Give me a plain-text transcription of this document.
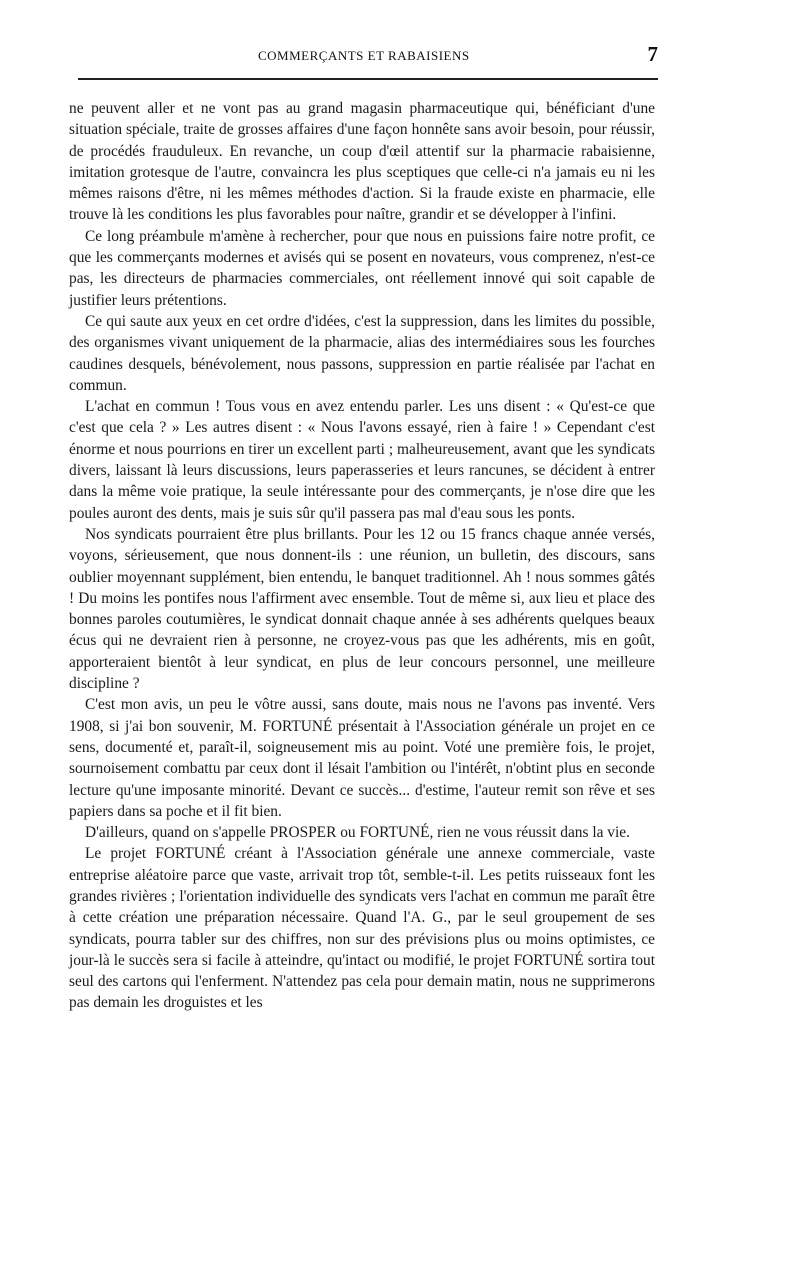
COMMERÇANTS ET RABAISIENS	7

ne peuvent aller et ne vont pas au grand magasin pharmaceutique qui, bénéficiant d'une situation spéciale, traite de grosses affaires d'une façon honnête sans avoir besoin, pour réussir, de procédés frauduleux. En revanche, un coup d'œil attentif sur la pharmacie rabaisienne, imitation grotesque de l'autre, convaincra les plus sceptiques que celle-ci n'a jamais eu ni les mêmes raisons d'être, ni les mêmes méthodes d'action. Si la fraude existe en pharmacie, elle trouve là les conditions les plus favorables pour naître, grandir et se développer à l'infini.

Ce long préambule m'amène à rechercher, pour que nous en puissions faire notre profit, ce que les commerçants modernes et avisés qui se posent en novateurs, vous comprenez, n'est-ce pas, les directeurs de pharmacies commerciales, ont réellement innové qui soit capable de justifier leurs prétentions.

Ce qui saute aux yeux en cet ordre d'idées, c'est la suppression, dans les limites du possible, des organismes vivant uniquement de la pharmacie, alias des intermédiaires sous les fourches caudines desquels, bénévolement, nous passons, suppression en partie réalisée par l'achat en commun.

L'achat en commun ! Tous vous en avez entendu parler. Les uns disent : « Qu'est-ce que c'est que cela ? » Les autres disent : « Nous l'avons essayé, rien à faire ! » Cependant c'est énorme et nous pourrions en tirer un excellent parti ; malheureusement, avant que les syndicats divers, laissant là leurs discussions, leurs paperasseries et leurs rancunes, se décident à entrer dans la même voie pratique, la seule intéressante pour des commerçants, je n'ose dire que les poules auront des dents, mais je suis sûr qu'il passera pas mal d'eau sous les ponts.

Nos syndicats pourraient être plus brillants. Pour les 12 ou 15 francs chaque année versés, voyons, sérieusement, que nous donnent-ils : une réunion, un bulletin, des discours, sans oublier moyennant supplément, bien entendu, le banquet traditionnel. Ah ! nous sommes gâtés ! Du moins les pontifes nous l'affirment avec ensemble. Tout de même si, aux lieu et place des bonnes paroles coutumières, le syndicat donnait chaque année à ses adhérents quelques beaux écus qui ne devraient rien à personne, ne croyez-vous pas que les adhérents, mis en goût, apporteraient bientôt à leur syndicat, en plus de leur concours personnel, une meilleure discipline ?

C'est mon avis, un peu le vôtre aussi, sans doute, mais nous ne l'avons pas inventé. Vers 1908, si j'ai bon souvenir, M. FORTUNÉ présentait à l'Association générale un projet en ce sens, documenté et, paraît-il, soigneusement mis au point. Voté une première fois, le projet, sournoisement combattu par ceux dont il lésait l'ambition ou l'intérêt, n'obtint plus en seconde lecture qu'une imposante minorité. Devant ce succès... d'estime, l'auteur remit son rêve et ses papiers dans sa poche et il fit bien.

D'ailleurs, quand on s'appelle PROSPER ou FORTUNÉ, rien ne vous réussit dans la vie.

Le projet FORTUNÉ créant à l'Association générale une annexe commerciale, vaste entreprise aléatoire parce que vaste, arrivait trop tôt, semble-t-il. Les petits ruisseaux font les grandes rivières ; l'orientation individuelle des syndicats vers l'achat en commun me paraît être à cette création une préparation nécessaire. Quand l'A. G., par le seul groupement de ses syndicats, pourra tabler sur des chiffres, non sur des prévisions plus ou moins optimistes, ce jour-là le succès sera si facile à atteindre, qu'intact ou modifié, le projet FORTUNÉ sortira tout seul des cartons qui l'enferment. N'attendez pas cela pour demain matin, nous ne supprimerons pas demain les droguistes et les
